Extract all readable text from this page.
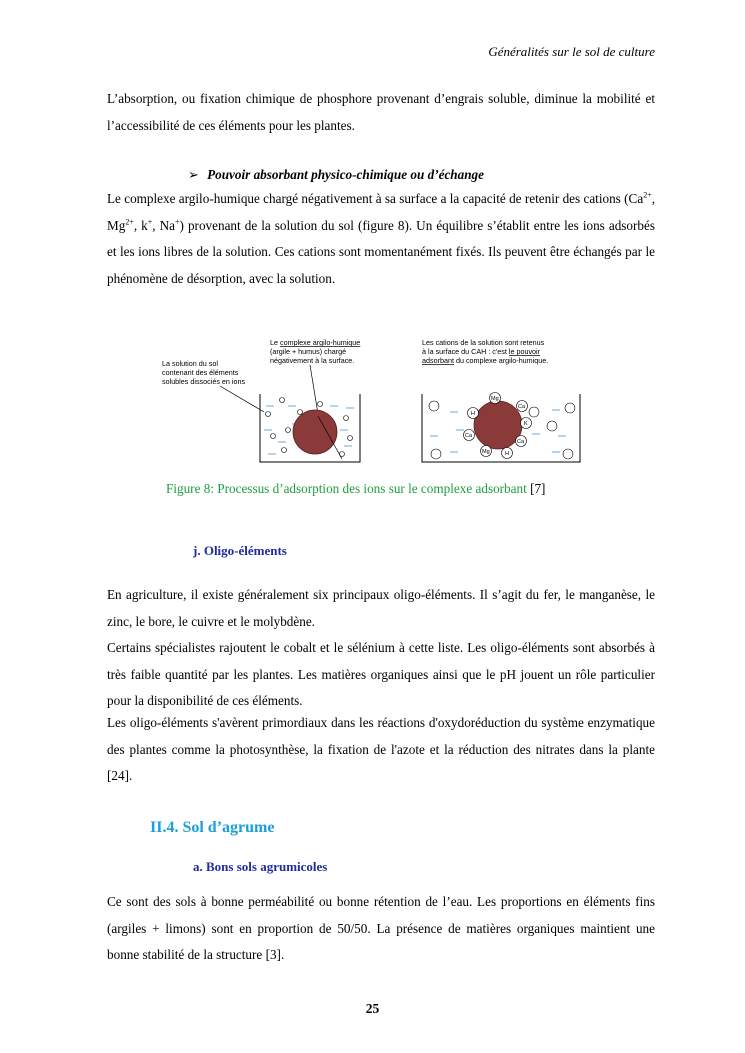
Généralités sur le sol de culture

L’absorption, ou fixation chimique de phosphore provenant d’engrais soluble, diminue la mobilité et l’accessibilité de ces éléments pour les plantes.

➢ Pouvoir absorbant physico-chimique ou d’échange

Le complexe argilo-humique chargé négativement à sa surface a la capacité de retenir des cations ($Ca^{2+}$, $Mg^{2+}$, k+, Na+) provenant de la solution du sol (figure 8). Un équilibre s’établit entre les ions adsorbés et les ions libres de la solution. Ces cations sont momentanément fixés. Ils peuvent être échangés par le phénomène de désorption, avec la solution.

La solution du sol
contenant des éléments
solubles dissociés en ions
Le complexe argilo-humique
(argile + humus) chargé
négativement à la surface.
Les cations de la solution sont retenus
à la surface du CAH : c'est le pouvoir
adsorbant du complexe argilo-humique.
Mg
H
Ca
Ca
K
Ca
Mg	H
Figure 8: Processus d’adsorption des ions sur le complexe adsorbant [7]
j. Oligo-éléments

En agriculture, il existe généralement six principaux oligo-éléments. Il s’agit du fer, le manganèse, le zinc, le bore, le cuivre et le molybdène.

Certains spécialistes rajoutent le cobalt et le sélénium à cette liste. Les oligo-éléments sont absorbés à très faible quantité par les plantes. Les matières organiques ainsi que le pH jouent un rôle particulier pour la disponibilité de ces éléments.

Les oligo-éléments s'avèrent primordiaux dans les réactions d'oxydoréduction du système enzymatique des plantes comme la photosynthèse, la fixation de l'azote et la réduction des nitrates dans la plante [24].

II.4. Sol d’agrume
a. Bons sols agrumicoles

Ce sont des sols à bonne perméabilité ou bonne rétention de l’eau. Les proportions en éléments fins (argiles + limons) sont en proportion de 50/50. La présence de matières organiques maintient une bonne stabilité de la structure [3].

25
